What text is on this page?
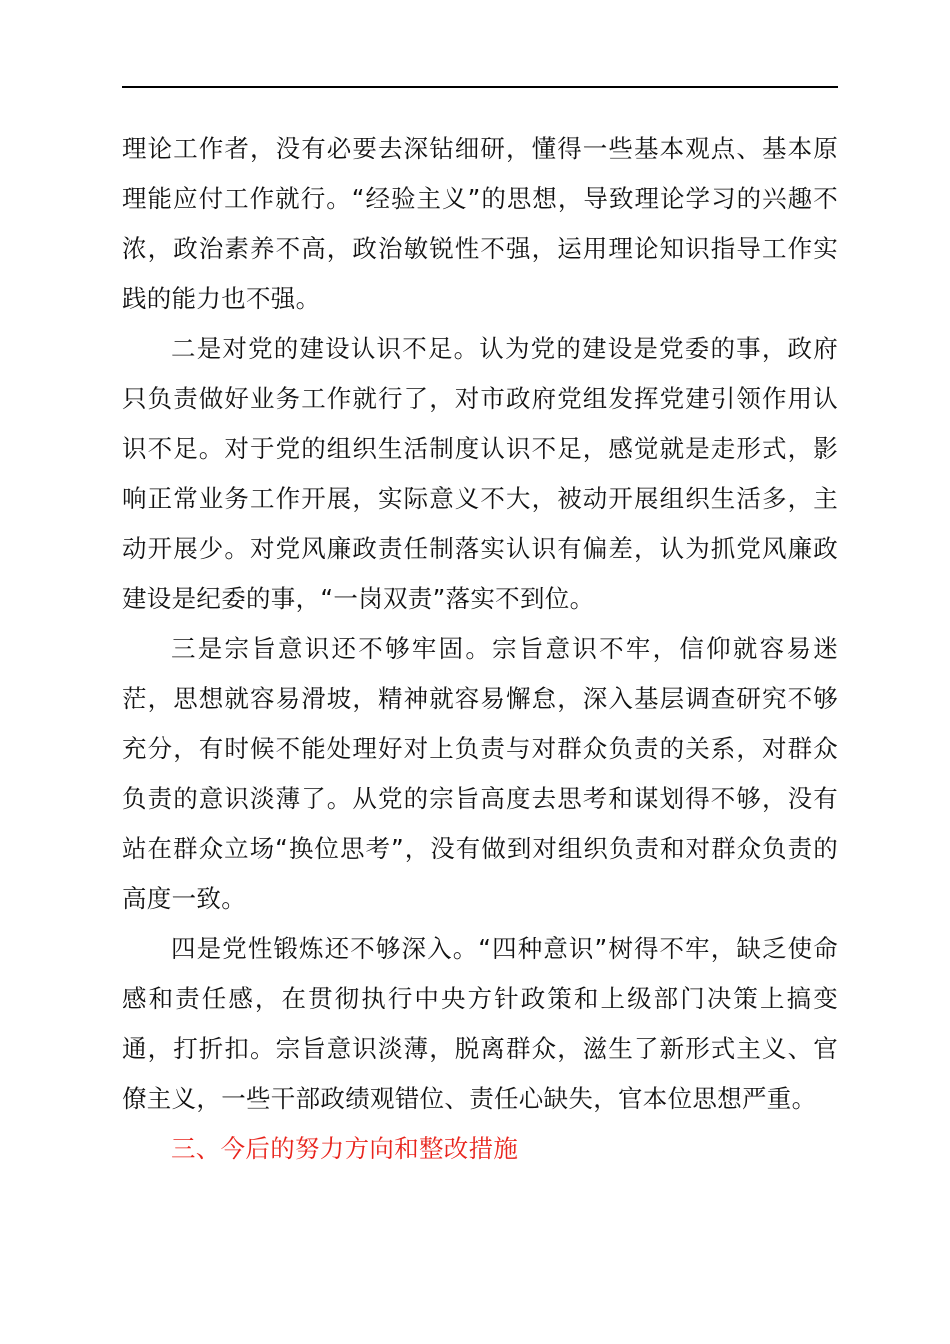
理论工作者，没有必要去深钻细研，懂得一些基本观点、基本原理能应付工作就行。“经验主义”的思想，导致理论学习的兴趣不浓，政治素养不高，政治敏锐性不强，运用理论知识指导工作实践的能力也不强。

二是对党的建设认识不足。认为党的建设是党委的事，政府只负责做好业务工作就行了，对市政府党组发挥党建引领作用认识不足。对于党的组织生活制度认识不足，感觉就是走形式，影响正常业务工作开展，实际意义不大，被动开展组织生活多，主动开展少。对党风廉政责任制落实认识有偏差，认为抓党风廉政建设是纪委的事，“一岗双责”落实不到位。

三是宗旨意识还不够牢固。宗旨意识不牢，信仰就容易迷茫，思想就容易滑坡，精神就容易懈怠，深入基层调查研究不够充分，有时候不能处理好对上负责与对群众负责的关系，对群众负责的意识淡薄了。从党的宗旨高度去思考和谋划得不够，没有站在群众立场“换位思考”，没有做到对组织负责和对群众负责的高度一致。

四是党性锻炼还不够深入。“四种意识”树得不牢，缺乏使命感和责任感，在贯彻执行中央方针政策和上级部门决策上搞变通，打折扣。宗旨意识淡薄，脱离群众，滋生了新形式主义、官僚主义，一些干部政绩观错位、责任心缺失，官本位思想严重。

三、今后的努力方向和整改措施
